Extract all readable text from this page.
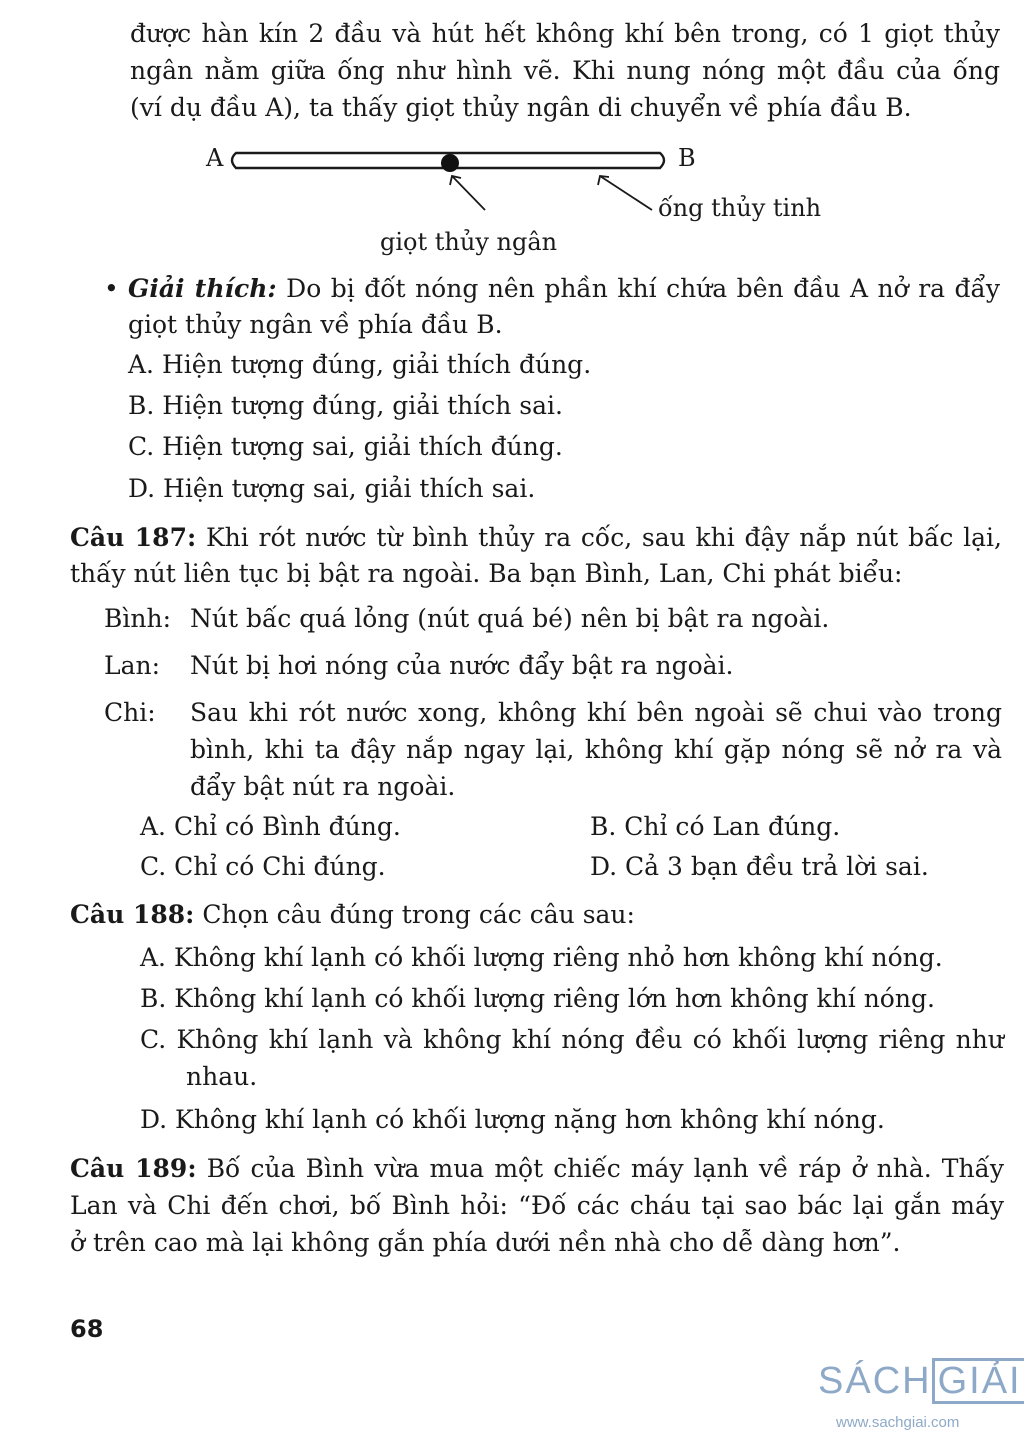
được hàn kín 2 đầu và hút hết không khí bên trong, có 1 giọt thủy
ngân nằm giữa ống như hình vẽ. Khi nung nóng một đầu của ống
(ví dụ đầu A), ta thấy giọt thủy ngân di chuyển về phía đầu B.
A	B
ống thủy tinh
giọt thủy ngân
• Giải thích: Do bị đốt nóng nên phần khí chứa bên đầu A nở ra đẩy
giọt thủy ngân về phía đầu B.
A. Hiện tượng đúng, giải thích đúng.
B. Hiện tượng đúng, giải thích sai.
C. Hiện tượng sai, giải thích đúng.
D. Hiện tượng sai, giải thích sai.
Câu 187: Khi rót nước từ bình thủy ra cốc, sau khi đậy nắp nút bấc lại,
thấy nút liên tục bị bật ra ngoài. Ba bạn Bình, Lan, Chi phát biểu:
Bình: Nút bấc quá lỏng (nút quá bé) nên bị bật ra ngoài.
Lan: Nút bị hơi nóng của nước đẩy bật ra ngoài.
Chi: Sau khi rót nước xong, không khí bên ngoài sẽ chui vào trong
bình, khi ta đậy nắp ngay lại, không khí gặp nóng sẽ nở ra và
đẩy bật nút ra ngoài.
A. Chỉ có Bình đúng.	B. Chỉ có Lan đúng.
C. Chỉ có Chi đúng.	D. Cả 3 bạn đều trả lời sai.
Câu 188: Chọn câu đúng trong các câu sau:
A. Không khí lạnh có khối lượng riêng nhỏ hơn không khí nóng.
B. Không khí lạnh có khối lượng riêng lớn hơn không khí nóng.
C. Không khí lạnh và không khí nóng đều có khối lượng riêng như
nhau.
D. Không khí lạnh có khối lượng nặng hơn không khí nóng.
Câu 189: Bố của Bình vừa mua một chiếc máy lạnh về ráp ở nhà. Thấy
Lan và Chi đến chơi, bố Bình hỏi: “Đố các cháu tại sao bác lại gắn máy
ở trên cao mà lại không gắn phía dưới nền nhà cho dễ dàng hơn”.
68
SÁCH GIẢI
www.sachgiai.com
